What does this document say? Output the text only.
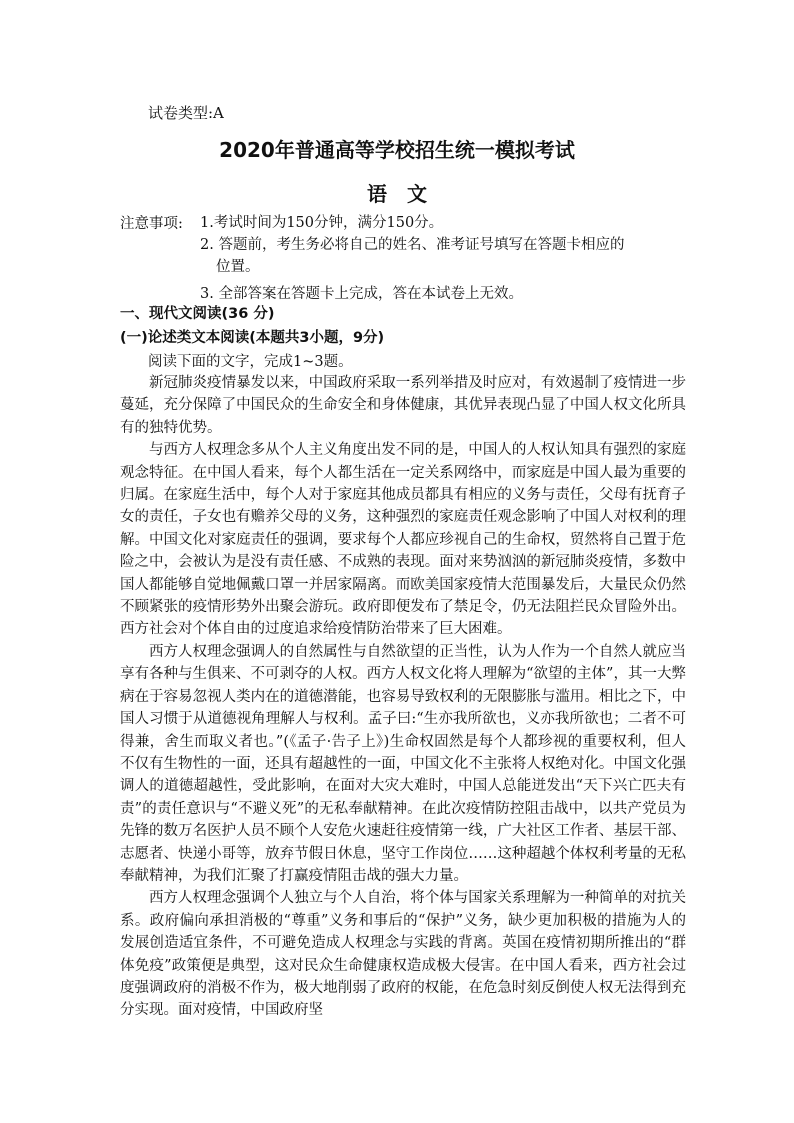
试卷类型:A
2020年普通高等学校招生统一模拟考试
语　文
注意事项: 1.考试时间为150分钟，满分150分。
2. 答题前，考生务必将自己的姓名、准考证号填写在答题卡相应的
位置。
3. 全部答案在答题卡上完成，答在本试卷上无效。
一、现代文阅读(36 分)
(一)论述类文本阅读(本题共3小题，9分)
阅读下面的文字，完成1~3题。

新冠肺炎疫情暴发以来，中国政府采取一系列举措及时应对，有效遏制了疫情进一步蔓延，充分保障了中国民众的生命安全和身体健康，其优异表现凸显了中国人权文化所具有的独特优势。

与西方人权理念多从个人主义角度出发不同的是，中国人的人权认知具有强烈的家庭观念特征。在中国人看来，每个人都生活在一定关系网络中，而家庭是中国人最为重要的归属。在家庭生活中，每个人对于家庭其他成员都具有相应的义务与责任，父母有抚育子女的责任，子女也有赡养父母的义务，这种强烈的家庭责任观念影响了中国人对权利的理解。中国文化对家庭责任的强调，要求每个人都应珍视自己的生命权，贸然将自己置于危险之中，会被认为是没有责任感、不成熟的表现。面对来势汹汹的新冠肺炎疫情，多数中国人都能够自觉地佩戴口罩一并居家隔离。而欧美国家疫情大范围暴发后，大量民众仍然不顾紧张的疫情形势外出聚会游玩。政府即便发布了禁足令，仍无法阻拦民众冒险外出。西方社会对个体自由的过度追求给疫情防治带来了巨大困难。

西方人权理念强调人的自然属性与自然欲望的正当性，认为人作为一个自然人就应当享有各种与生俱来、不可剥夺的人权。西方人权文化将人理解为“欲望的主体”，其一大弊病在于容易忽视人类内在的道德潜能，也容易导致权利的无限膨胀与滥用。相比之下，中国人习惯于从道德视角理解人与权利。孟子曰:“生亦我所欲也，义亦我所欲也；二者不可得兼，舍生而取义者也。”(《孟子·告子上》)生命权固然是每个人都珍视的重要权利，但人不仅有生物性的一面，还具有超越性的一面，中国文化不主张将人权绝对化。中国文化强调人的道德超越性，受此影响，在面对大灾大难时，中国人总能迸发出“天下兴亡匹夫有责”的责任意识与“不避义死”的无私奉献精神。在此次疫情防控阻击战中，以共产党员为先锋的数万名医护人员不顾个人安危火速赶往疫情第一线，广大社区工作者、基层干部、志愿者、快递小哥等，放弃节假日休息，坚守工作岗位……这种超越个体权利考量的无私奉献精神，为我们汇聚了打赢疫情阻击战的强大力量。

西方人权理念强调个人独立与个人自治，将个体与国家关系理解为一种简单的对抗关系。政府偏向承担消极的“尊重”义务和事后的“保护”义务，缺少更加积极的措施为人的发展创造适宜条件，不可避免造成人权理念与实践的背离。英国在疫情初期所推出的“群体免疫”政策便是典型，这对民众生命健康权造成极大侵害。在中国人看来，西方社会过度强调政府的消极不作为，极大地削弱了政府的权能，在危急时刻反倒使人权无法得到充分实现。面对疫情，中国政府坚
